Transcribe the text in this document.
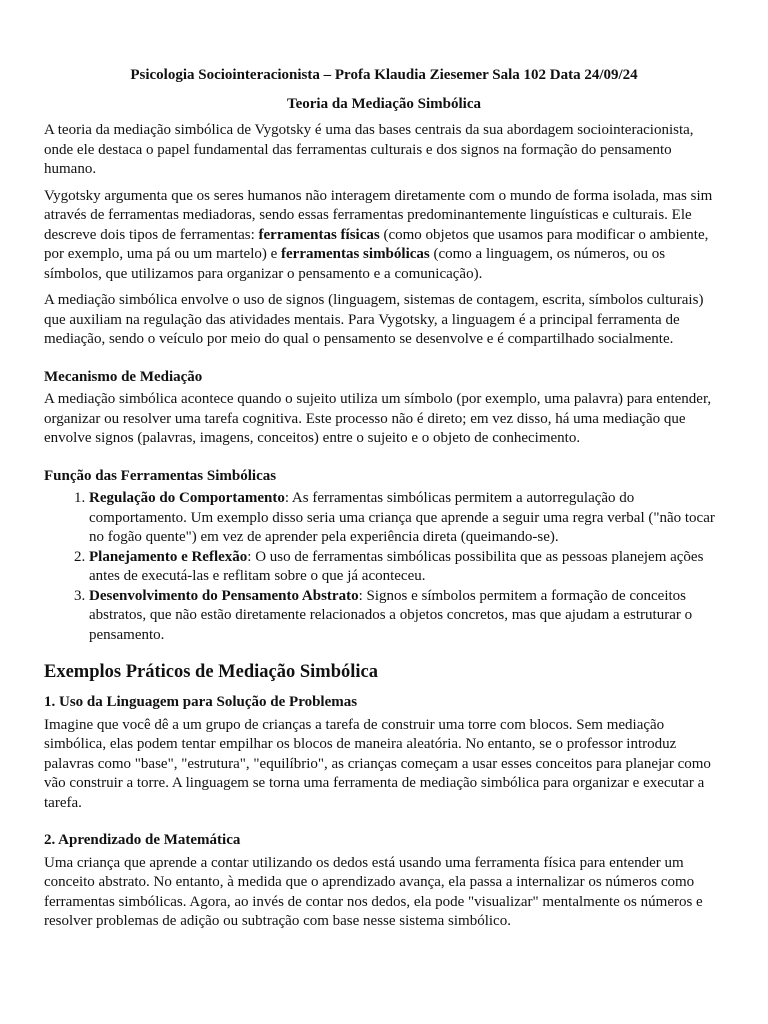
Psicologia Sociointeracionista – Profa Klaudia Ziesemer Sala 102 Data 24/09/24

Teoria da Mediação Simbólica

A teoria da mediação simbólica de Vygotsky é uma das bases centrais da sua abordagem sociointeracionista, onde ele destaca o papel fundamental das ferramentas culturais e dos signos na formação do pensamento humano.

Vygotsky argumenta que os seres humanos não interagem diretamente com o mundo de forma isolada, mas sim através de ferramentas mediadoras, sendo essas ferramentas predominantemente linguísticas e culturais. Ele descreve dois tipos de ferramentas: ferramentas físicas (como objetos que usamos para modificar o ambiente, por exemplo, uma pá ou um martelo) e ferramentas simbólicas (como a linguagem, os números, ou os símbolos, que utilizamos para organizar o pensamento e a comunicação).

A mediação simbólica envolve o uso de signos (linguagem, sistemas de contagem, escrita, símbolos culturais) que auxiliam na regulação das atividades mentais. Para Vygotsky, a linguagem é a principal ferramenta de mediação, sendo o veículo por meio do qual o pensamento se desenvolve e é compartilhado socialmente.

Mecanismo de Mediação

A mediação simbólica acontece quando o sujeito utiliza um símbolo (por exemplo, uma palavra) para entender, organizar ou resolver uma tarefa cognitiva. Este processo não é direto; em vez disso, há uma mediação que envolve signos (palavras, imagens, conceitos) entre o sujeito e o objeto de conhecimento.

Função das Ferramentas Simbólicas

1. Regulação do Comportamento: As ferramentas simbólicas permitem a autorregulação do comportamento. Um exemplo disso seria uma criança que aprende a seguir uma regra verbal ("não tocar no fogão quente") em vez de aprender pela experiência direta (queimando-se).
2. Planejamento e Reflexão: O uso de ferramentas simbólicas possibilita que as pessoas planejem ações antes de executá-las e reflitam sobre o que já aconteceu.
3. Desenvolvimento do Pensamento Abstrato: Signos e símbolos permitem a formação de conceitos abstratos, que não estão diretamente relacionados a objetos concretos, mas que ajudam a estruturar o pensamento.

Exemplos Práticos de Mediação Simbólica

1. Uso da Linguagem para Solução de Problemas

Imagine que você dê a um grupo de crianças a tarefa de construir uma torre com blocos. Sem mediação simbólica, elas podem tentar empilhar os blocos de maneira aleatória. No entanto, se o professor introduz palavras como "base", "estrutura", "equilíbrio", as crianças começam a usar esses conceitos para planejar como vão construir a torre. A linguagem se torna uma ferramenta de mediação simbólica para organizar e executar a tarefa.

2. Aprendizado de Matemática

Uma criança que aprende a contar utilizando os dedos está usando uma ferramenta física para entender um conceito abstrato. No entanto, à medida que o aprendizado avança, ela passa a internalizar os números como ferramentas simbólicas. Agora, ao invés de contar nos dedos, ela pode "visualizar" mentalmente os números e resolver problemas de adição ou subtração com base nesse sistema simbólico.
